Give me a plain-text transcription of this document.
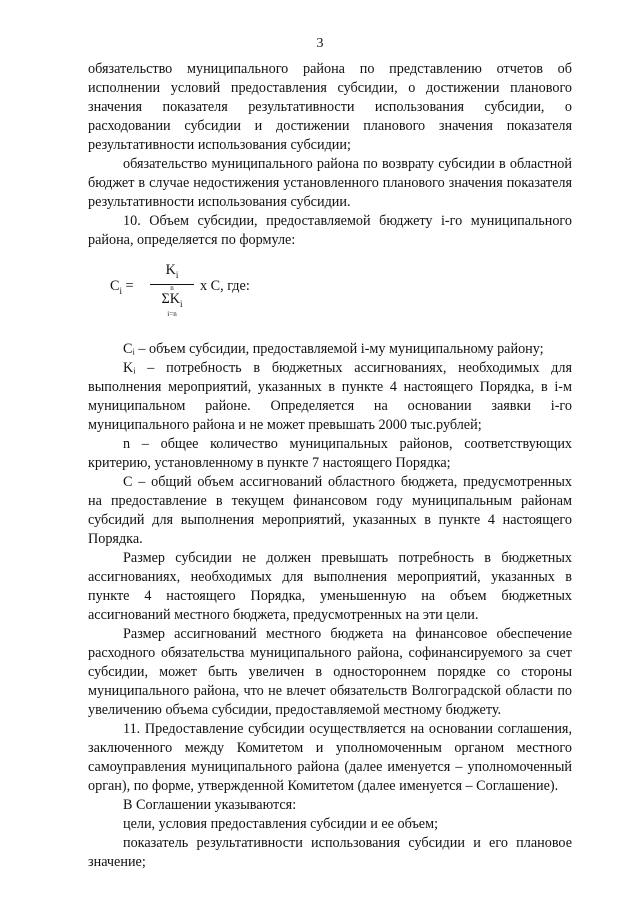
3

обязательство муниципального района по представлению отчетов об исполнении условий предоставления субсидии, о достижении планового значения показателя результативности использования субсидии, о расходовании субсидии и достижении планового значения показателя результативности использования субсидии;

обязательство муниципального района по возврату субсидии в областной бюджет в случае недостижения установленного планового значения показателя результативности использования субсидии.

10. Объем субсидии, предоставляемой бюджету i-го муниципального района, определяется по формуле:

$C_i$ =
$K_i$
n
$\Sigma K_i$
i=n
x С, где:

Cᵢ – объем субсидии, предоставляемой i-му муниципальному району;

Kᵢ – потребность в бюджетных ассигнованиях, необходимых для выполнения мероприятий, указанных в пункте 4 настоящего Порядка, в i-м муниципальном районе. Определяется на основании заявки i-го муниципального района и не может превышать 2000 тыс.рублей;

n – общее количество муниципальных районов, соответствующих критерию, установленному в пункте 7 настоящего Порядка;

C – общий объем ассигнований областного бюджета, предусмотренных на предоставление в текущем финансовом году муниципальным районам субсидий для выполнения мероприятий, указанных в пункте 4 настоящего Порядка.

Размер субсидии не должен превышать потребность в бюджетных ассигнованиях, необходимых для выполнения мероприятий, указанных в пункте 4 настоящего Порядка, уменьшенную на объем бюджетных ассигнований местного бюджета, предусмотренных на эти цели.

Размер ассигнований местного бюджета на финансовое обеспечение расходного обязательства муниципального района, софинансируемого за счет субсидии, может быть увеличен в одностороннем порядке со стороны муниципального района, что не влечет обязательств Волгоградской области по увеличению объема субсидии, предоставляемой местному бюджету.

11. Предоставление субсидии осуществляется на основании соглашения, заключенного между Комитетом и уполномоченным органом местного самоуправления муниципального района (далее именуется – уполномоченный орган), по форме, утвержденной Комитетом (далее именуется – Соглашение).

В Соглашении указываются:

цели, условия предоставления субсидии и ее объем;

показатель результативности использования субсидии и его плановое значение;
